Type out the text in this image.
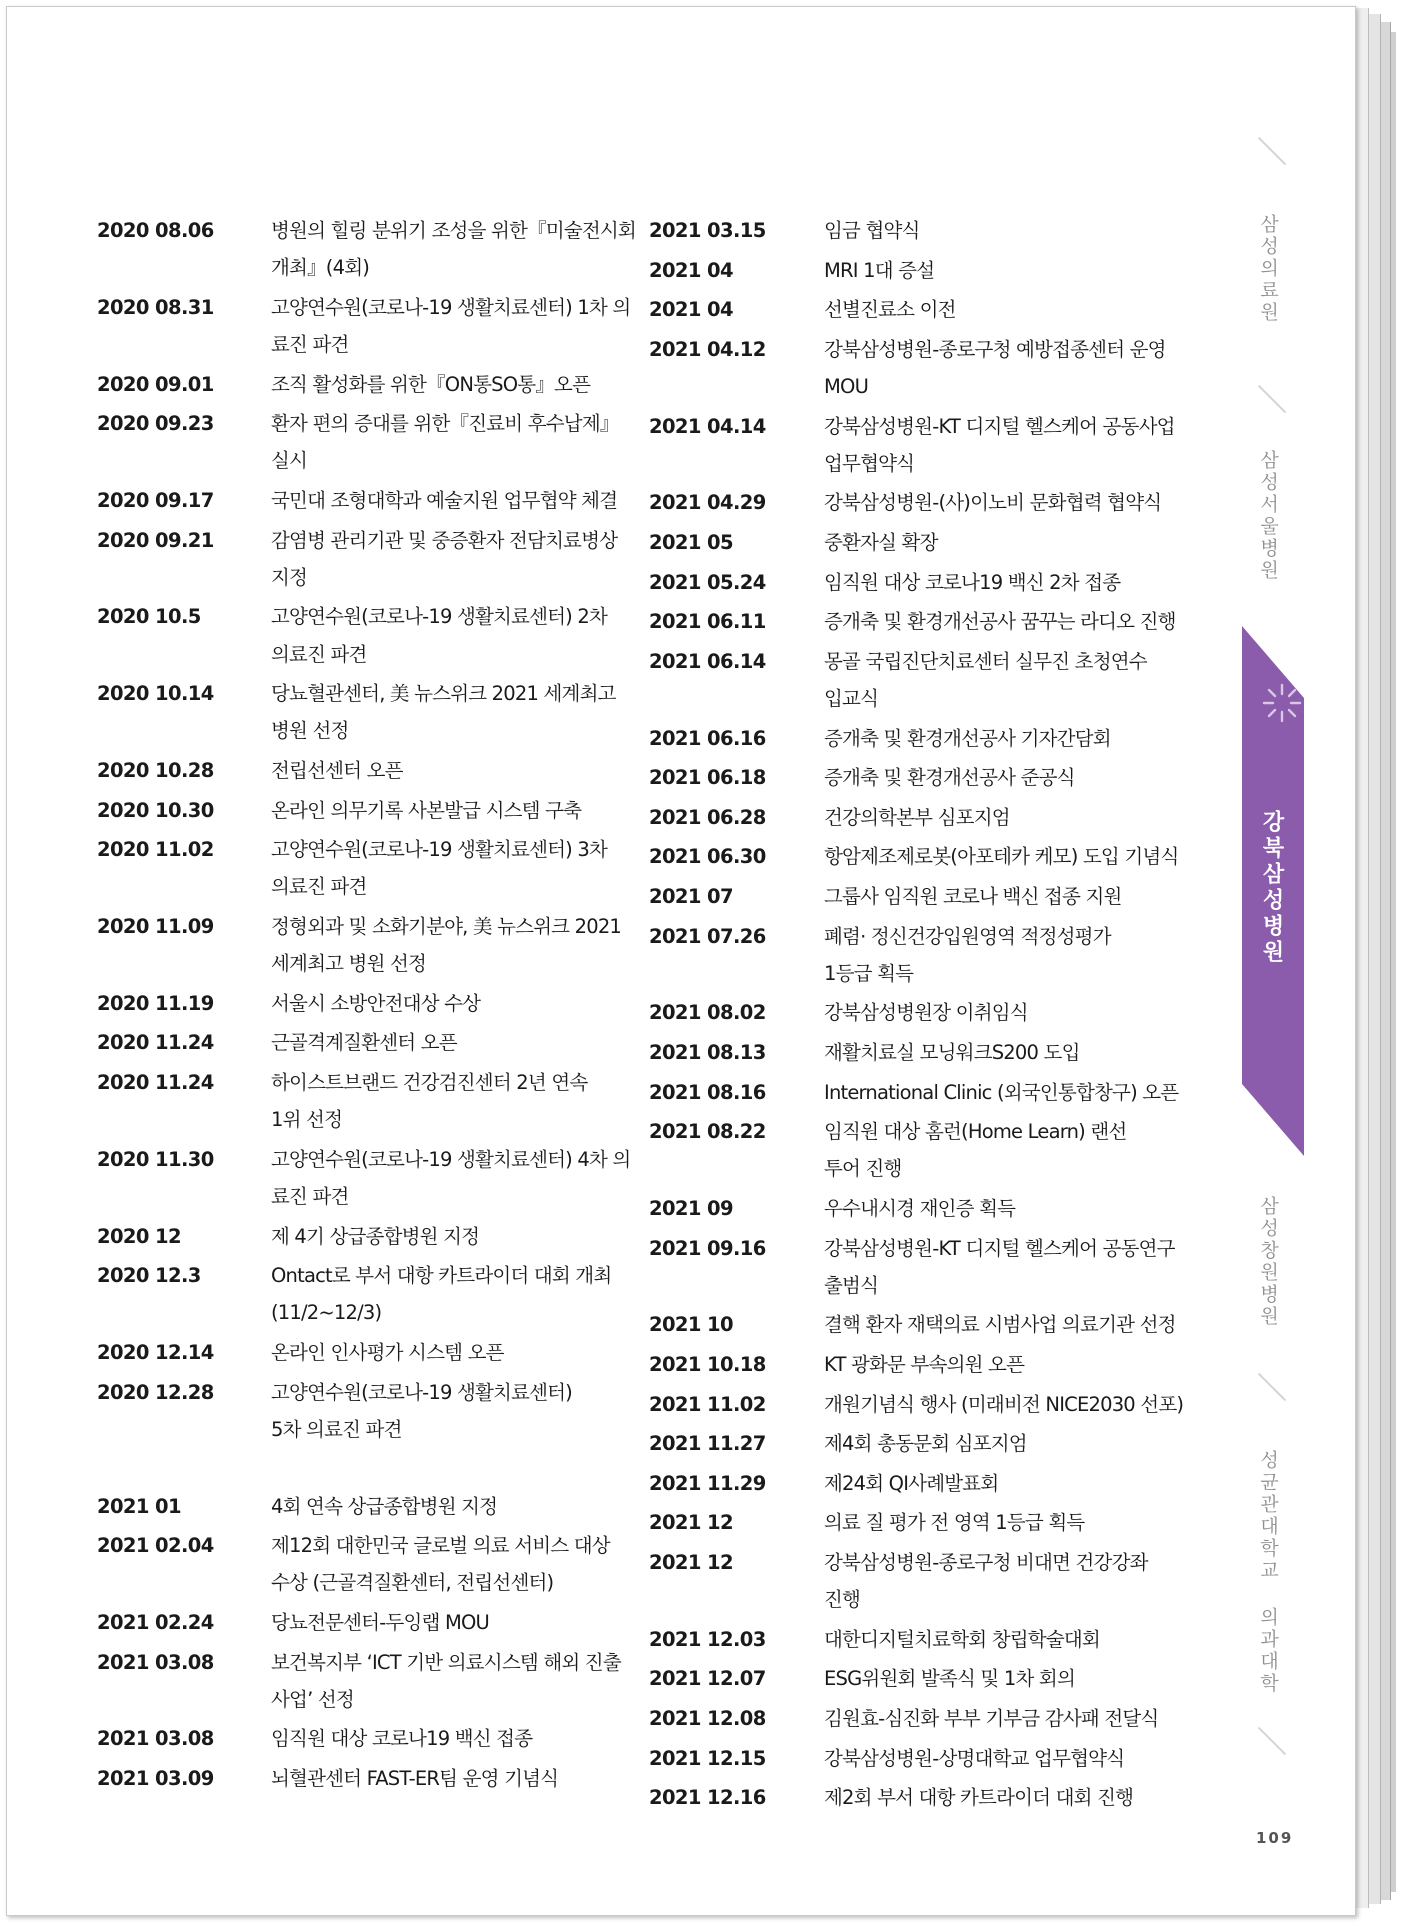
2020 08.06	병원의 힐링 분위기 조성을 위한『미술전시회
개최』(4회)
2020 08.31	고양연수원(코로나-19 생활치료센터) 1차 의
료진 파견
2020 09.01	조직 활성화를 위한『ON통SO통』오픈
2020 09.23	환자 편의 증대를 위한『진료비 후수납제』
실시
2020 09.17	국민대 조형대학과 예술지원 업무협약 체결
2020 09.21	감염병 관리기관 및 중증환자 전담치료병상
지정
2020 10.5	고양연수원(코로나-19 생활치료센터) 2차
의료진 파견
2020 10.14	당뇨혈관센터, 美 뉴스위크 2021 세계최고
병원 선정
2020 10.28	전립선센터 오픈
2020 10.30	온라인 의무기록 사본발급 시스템 구축
2020 11.02	고양연수원(코로나-19 생활치료센터) 3차
의료진 파견
2020 11.09	정형외과 및 소화기분야, 美 뉴스위크 2021
세계최고 병원 선정
2020 11.19	서울시 소방안전대상 수상
2020 11.24	근골격계질환센터 오픈
2020 11.24	하이스트브랜드 건강검진센터 2년 연속
1위 선정
2020 11.30	고양연수원(코로나-19 생활치료센터) 4차 의
료진 파견
2020 12	제 4기 상급종합병원 지정
2020 12.3	Ontact로 부서 대항 카트라이더 대회 개최
(11/2~12/3)
2020 12.14	온라인 인사평가 시스템 오픈
2020 12.28	고양연수원(코로나-19 생활치료센터)
5차 의료진 파견
2021 01	4회 연속 상급종합병원 지정
2021 02.04	제12회 대한민국 글로벌 의료 서비스 대상
수상 (근골격질환센터, 전립선센터)
2021 02.24	당뇨전문센터-두잉랩 MOU
2021 03.08	보건복지부 ‘ICT 기반 의료시스템 해외 진출
사업’ 선정
2021 03.08	임직원 대상 코로나19 백신 접종
2021 03.09	뇌혈관센터 FAST-ER팀 운영 기념식
2021 03.15	임금 협약식
2021 04	MRI 1대 증설
2021 04	선별진료소 이전
2021 04.12	강북삼성병원-종로구청 예방접종센터 운영
MOU
2021 04.14	강북삼성병원-KT 디지털 헬스케어 공동사업
업무협약식
2021 04.29	강북삼성병원-(사)이노비 문화협력 협약식
2021 05	중환자실 확장
2021 05.24	임직원 대상 코로나19 백신 2차 접종
2021 06.11	증개축 및 환경개선공사 꿈꾸는 라디오 진행
2021 06.14	몽골 국립진단치료센터 실무진 초청연수
입교식
2021 06.16	증개축 및 환경개선공사 기자간담회
2021 06.18	증개축 및 환경개선공사 준공식
2021 06.28	건강의학본부 심포지엄
2021 06.30	항암제조제로봇(아포테카 케모) 도입 기념식
2021 07	그룹사 임직원 코로나 백신 접종 지원
2021 07.26	폐렴· 정신건강입원영역 적정성평가
1등급 획득
2021 08.02	강북삼성병원장 이취임식
2021 08.13	재활치료실 모닝워크S200 도입
2021 08.16	International Clinic (외국인통합창구) 오픈
2021 08.22	임직원 대상 홈런(Home Learn) 랜선
투어 진행
2021 09	우수내시경 재인증 획득
2021 09.16	강북삼성병원-KT 디지털 헬스케어 공동연구
출범식
2021 10	결핵 환자 재택의료 시범사업 의료기관 선정
2021 10.18	KT 광화문 부속의원 오픈
2021 11.02	개원기념식 행사 (미래비전 NICE2030 선포)
2021 11.27	제4회 총동문회 심포지엄
2021 11.29	제24회 QI사례발표회
2021 12	의료 질 평가 전 영역 1등급 획득
2021 12	강북삼성병원-종로구청 비대면 건강강좌
진행
2021 12.03	대한디지털치료학회 창립학술대회
2021 12.07	ESG위원회 발족식 및 1차 회의
2021 12.08	김원효-심진화 부부 기부금 감사패 전달식
2021 12.15	강북삼성병원-상명대학교 업무협약식
2021 12.16	제2회 부서 대항 카트라이더 대회 진행
삼성의료원
삼성서울병원
강북삼성병원
삼성창원병원
성균관대학교 의과대학
109
